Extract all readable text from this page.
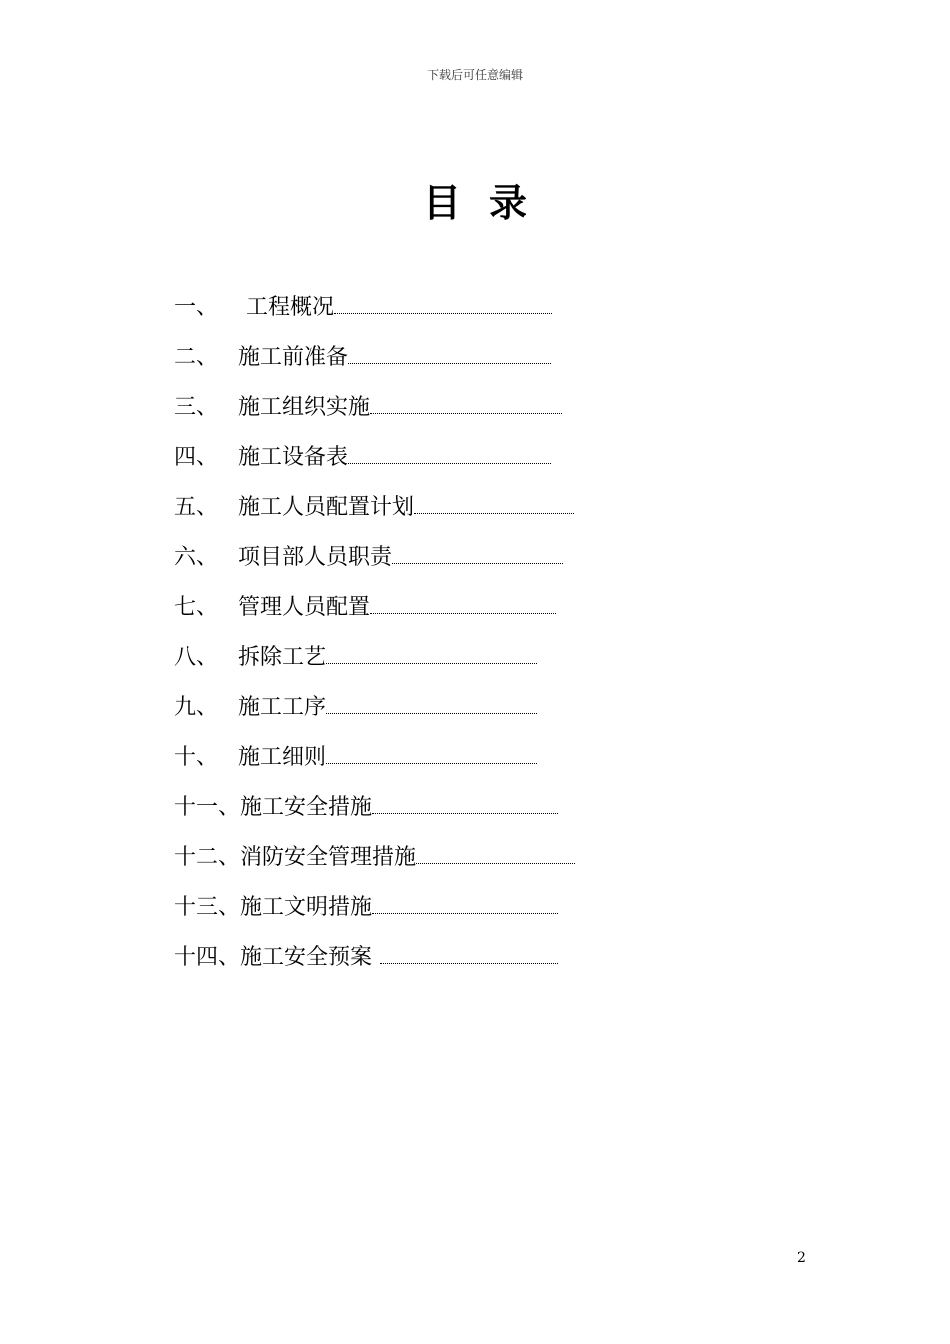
下载后可任意编辑
目录
一、	工程概况
二、 施工前准备
三、 施工组织实施
四、 施工设备表
五、 施工人员配置计划
六、 项目部人员职责
七、 管理人员配置
八、 拆除工艺
九、 施工工序
十、 施工细则
十一、 施工安全措施
十二、 消防安全管理措施
十三、 施工文明措施
十四、 施工安全预案
2
